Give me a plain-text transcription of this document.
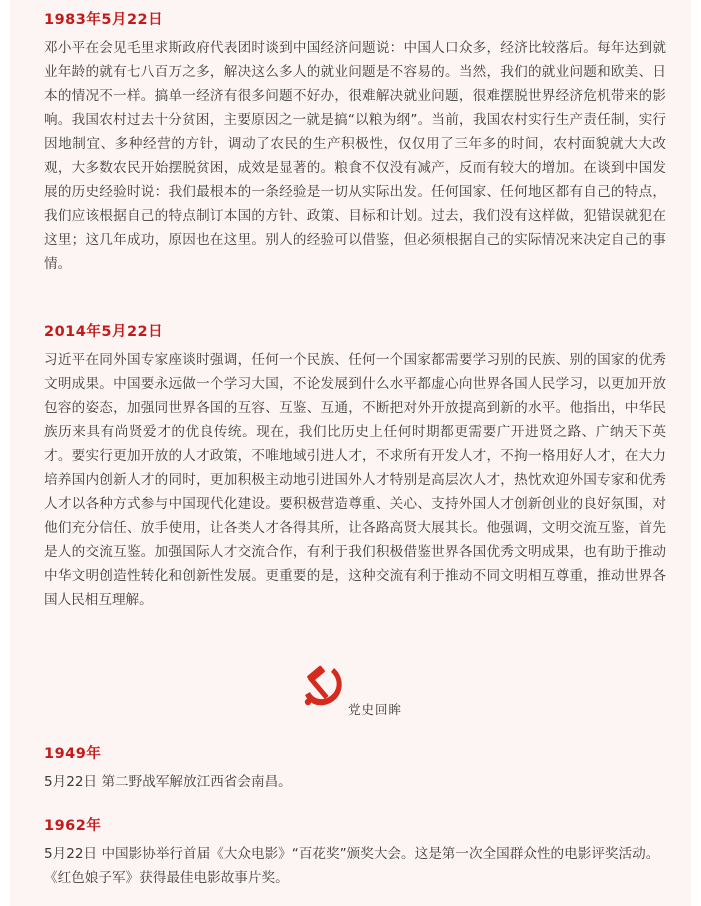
1983年5月22日
邓小平在会见毛里求斯政府代表团时谈到中国经济问题说：中国人口众多，经济比较落后。每年达到就业年龄的就有七八百万之多，解决这么多人的就业问题是不容易的。当然，我们的就业问题和欧美、日本的情况不一样。搞单一经济有很多问题不好办，很难解决就业问题，很难摆脱世界经济危机带来的影响。我国农村过去十分贫困，主要原因之一就是搞“以粮为纲”。当前，我国农村实行生产责任制，实行因地制宜、多种经营的方针，调动了农民的生产积极性，仅仅用了三年多的时间，农村面貌就大大改观，大多数农民开始摆脱贫困，成效是显著的。粮食不仅没有减产，反而有较大的增加。在谈到中国发展的历史经验时说：我们最根本的一条经验是一切从实际出发。任何国家、任何地区都有自己的特点，我们应该根据自己的特点制订本国的方针、政策、目标和计划。过去，我们没有这样做，犯错误就犯在这里；这几年成功，原因也在这里。别人的经验可以借鉴，但必须根据自己的实际情况来决定自己的事情。
2014年5月22日
习近平在同外国专家座谈时强调，任何一个民族、任何一个国家都需要学习别的民族、别的国家的优秀文明成果。中国要永远做一个学习大国，不论发展到什么水平都虚心向世界各国人民学习，以更加开放包容的姿态，加强同世界各国的互容、互鉴、互通，不断把对外开放提高到新的水平。他指出，中华民族历来具有尚贤爱才的优良传统。现在，我们比历史上任何时期都更需要广开进贤之路、广纳天下英才。要实行更加开放的人才政策，不唯地域引进人才，不求所有开发人才，不拘一格用好人才，在大力培养国内创新人才的同时，更加积极主动地引进国外人才特别是高层次人才，热忱欢迎外国专家和优秀人才以各种方式参与中国现代化建设。要积极营造尊重、关心、支持外国人才创新创业的良好氛围，对他们充分信任、放手使用，让各类人才各得其所，让各路高贤大展其长。他强调，文明交流互鉴，首先是人的交流互鉴。加强国际人才交流合作，有利于我们积极借鉴世界各国优秀文明成果，也有助于推动中华文明创造性转化和创新性发展。更重要的是，这种交流有利于推动不同文明相互尊重，推动世界各国人民相互理解。
党史回眸
1949年
5月22日 第二野战军解放江西省会南昌。
1962年
5月22日 中国影协举行首届《大众电影》“百花奖”颁奖大会。这是第一次全国群众性的电影评奖活动。《红色娘子军》获得最佳电影故事片奖。
